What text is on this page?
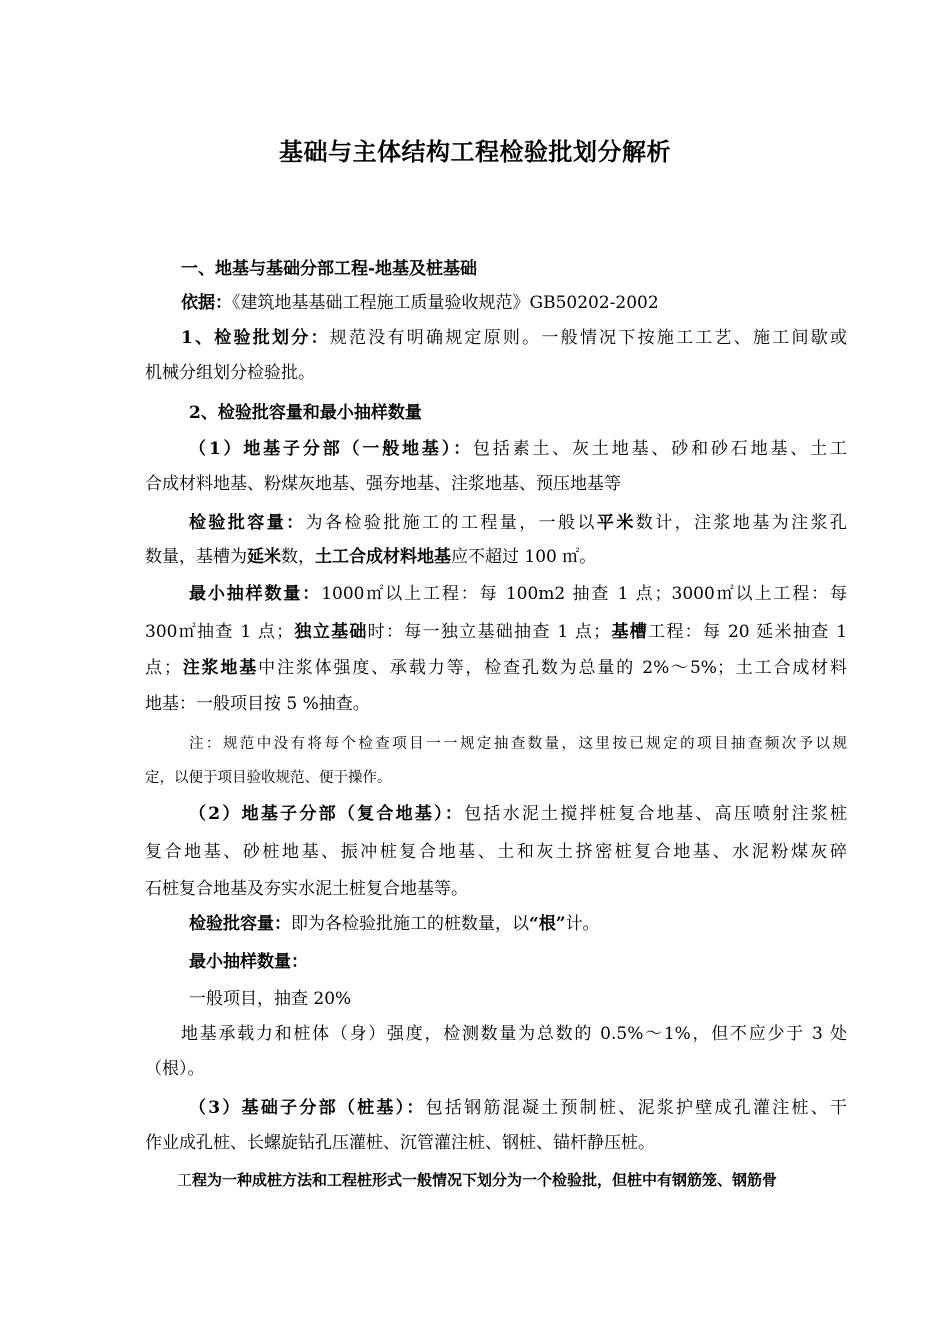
基础与主体结构工程检验批划分解析
一、地基与基础分部工程-地基及桩基础
依据：《建筑地基基础工程施工质量验收规范》GB50202-2002
1、检验批划分：规范没有明确规定原则。一般情况下按施工工艺、施工间歇或
机械分组划分检验批。
2、检验批容量和最小抽样数量
（1）地基子分部（一般地基）：包括素土、灰土地基、砂和砂石地基、土工
合成材料地基、粉煤灰地基、强夯地基、注浆地基、预压地基等
检验批容量：为各检验批施工的工程量，一般以平米数计，注浆地基为注浆孔
数量，基槽为延米数，土工合成材料地基应不超过 100 ㎡。
最小抽样数量：1000㎡以上工程：每 100m2 抽查 1 点；3000㎡以上工程：每
300㎡抽查 1 点；独立基础时：每一独立基础抽查 1 点；基槽工程：每 20 延米抽查 1
点；注浆地基中注浆体强度、承载力等，检查孔数为总量的 2%～5%；土工合成材料
地基：一般项目按 5 %抽查。
注：规范中没有将每个检查项目一一规定抽查数量，这里按已规定的项目抽查频次予以规
定，以便于项目验收规范、便于操作。
（2）地基子分部（复合地基）：包括水泥土搅拌桩复合地基、高压喷射注浆桩
复合地基、砂桩地基、振冲桩复合地基、土和灰土挤密桩复合地基、水泥粉煤灰碎
石桩复合地基及夯实水泥土桩复合地基等。
检验批容量：即为各检验批施工的桩数量，以“根”计。
最小抽样数量：
一般项目，抽查 20%
地基承载力和桩体（身）强度，检测数量为总数的 0.5%～1%，但不应少于 3 处
（根）。
（3）基础子分部（桩基）：包括钢筋混凝土预制桩、泥浆护壁成孔灌注桩、干
作业成孔桩、长螺旋钻孔压灌桩、沉管灌注桩、钢桩、锚杆静压桩。
工程为一种成桩方法和工程桩形式一般情况下划分为一个检验批，但桩中有钢筋笼、钢筋骨
